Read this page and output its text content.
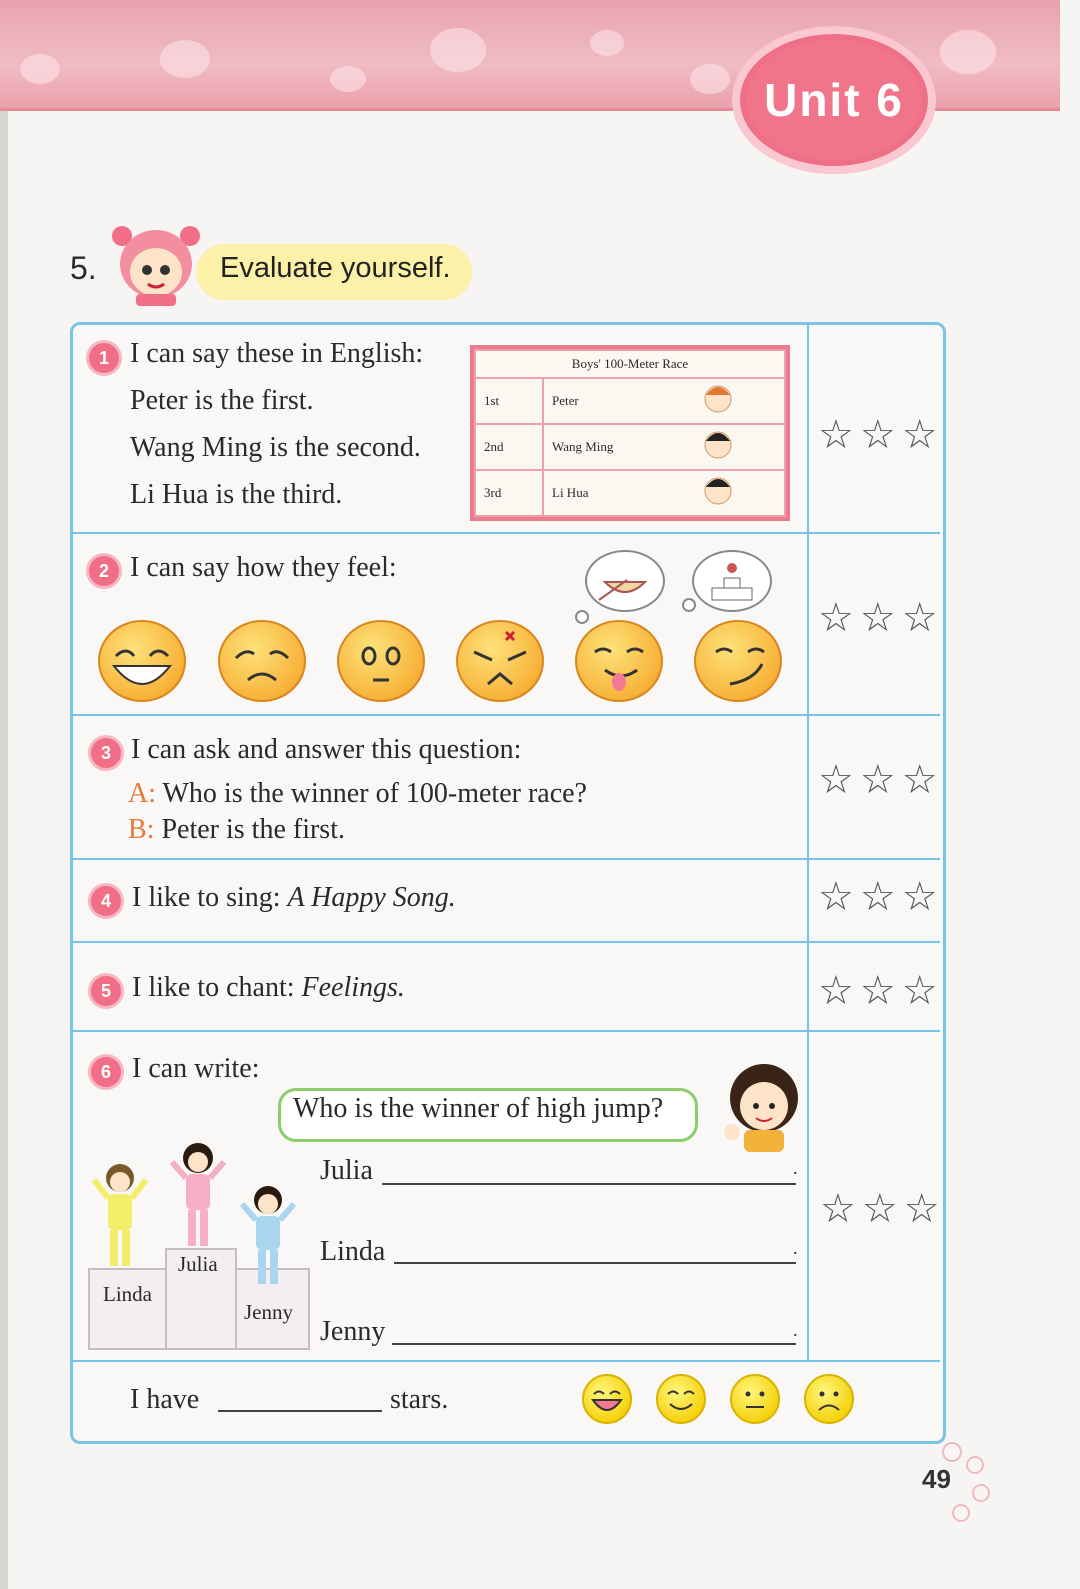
Unit 6
5.	Evaluate yourself.
1 I can say these in English:
Peter is the first.
Wang Ming is the second.
Li Hua is the third.
Boys' 100-Meter Race	
1st	Peter

2nd	Wang Ming

3rd	Li Hua
☆☆☆
2 I can say how they feel:
☆☆☆
3 I can ask and answer this question:
A: Who is the winner of 100-meter race?
B: Peter is the first.
☆☆☆
4 I like to sing: A Happy Song.	☆☆☆
5 I like to chant: Feelings.	☆☆☆
6 I can write:
Who is the winner of high jump?
Julia	.
Linda	.
Jenny	.
Julia
Linda
Jenny
☆☆☆
I have	stars.
49
